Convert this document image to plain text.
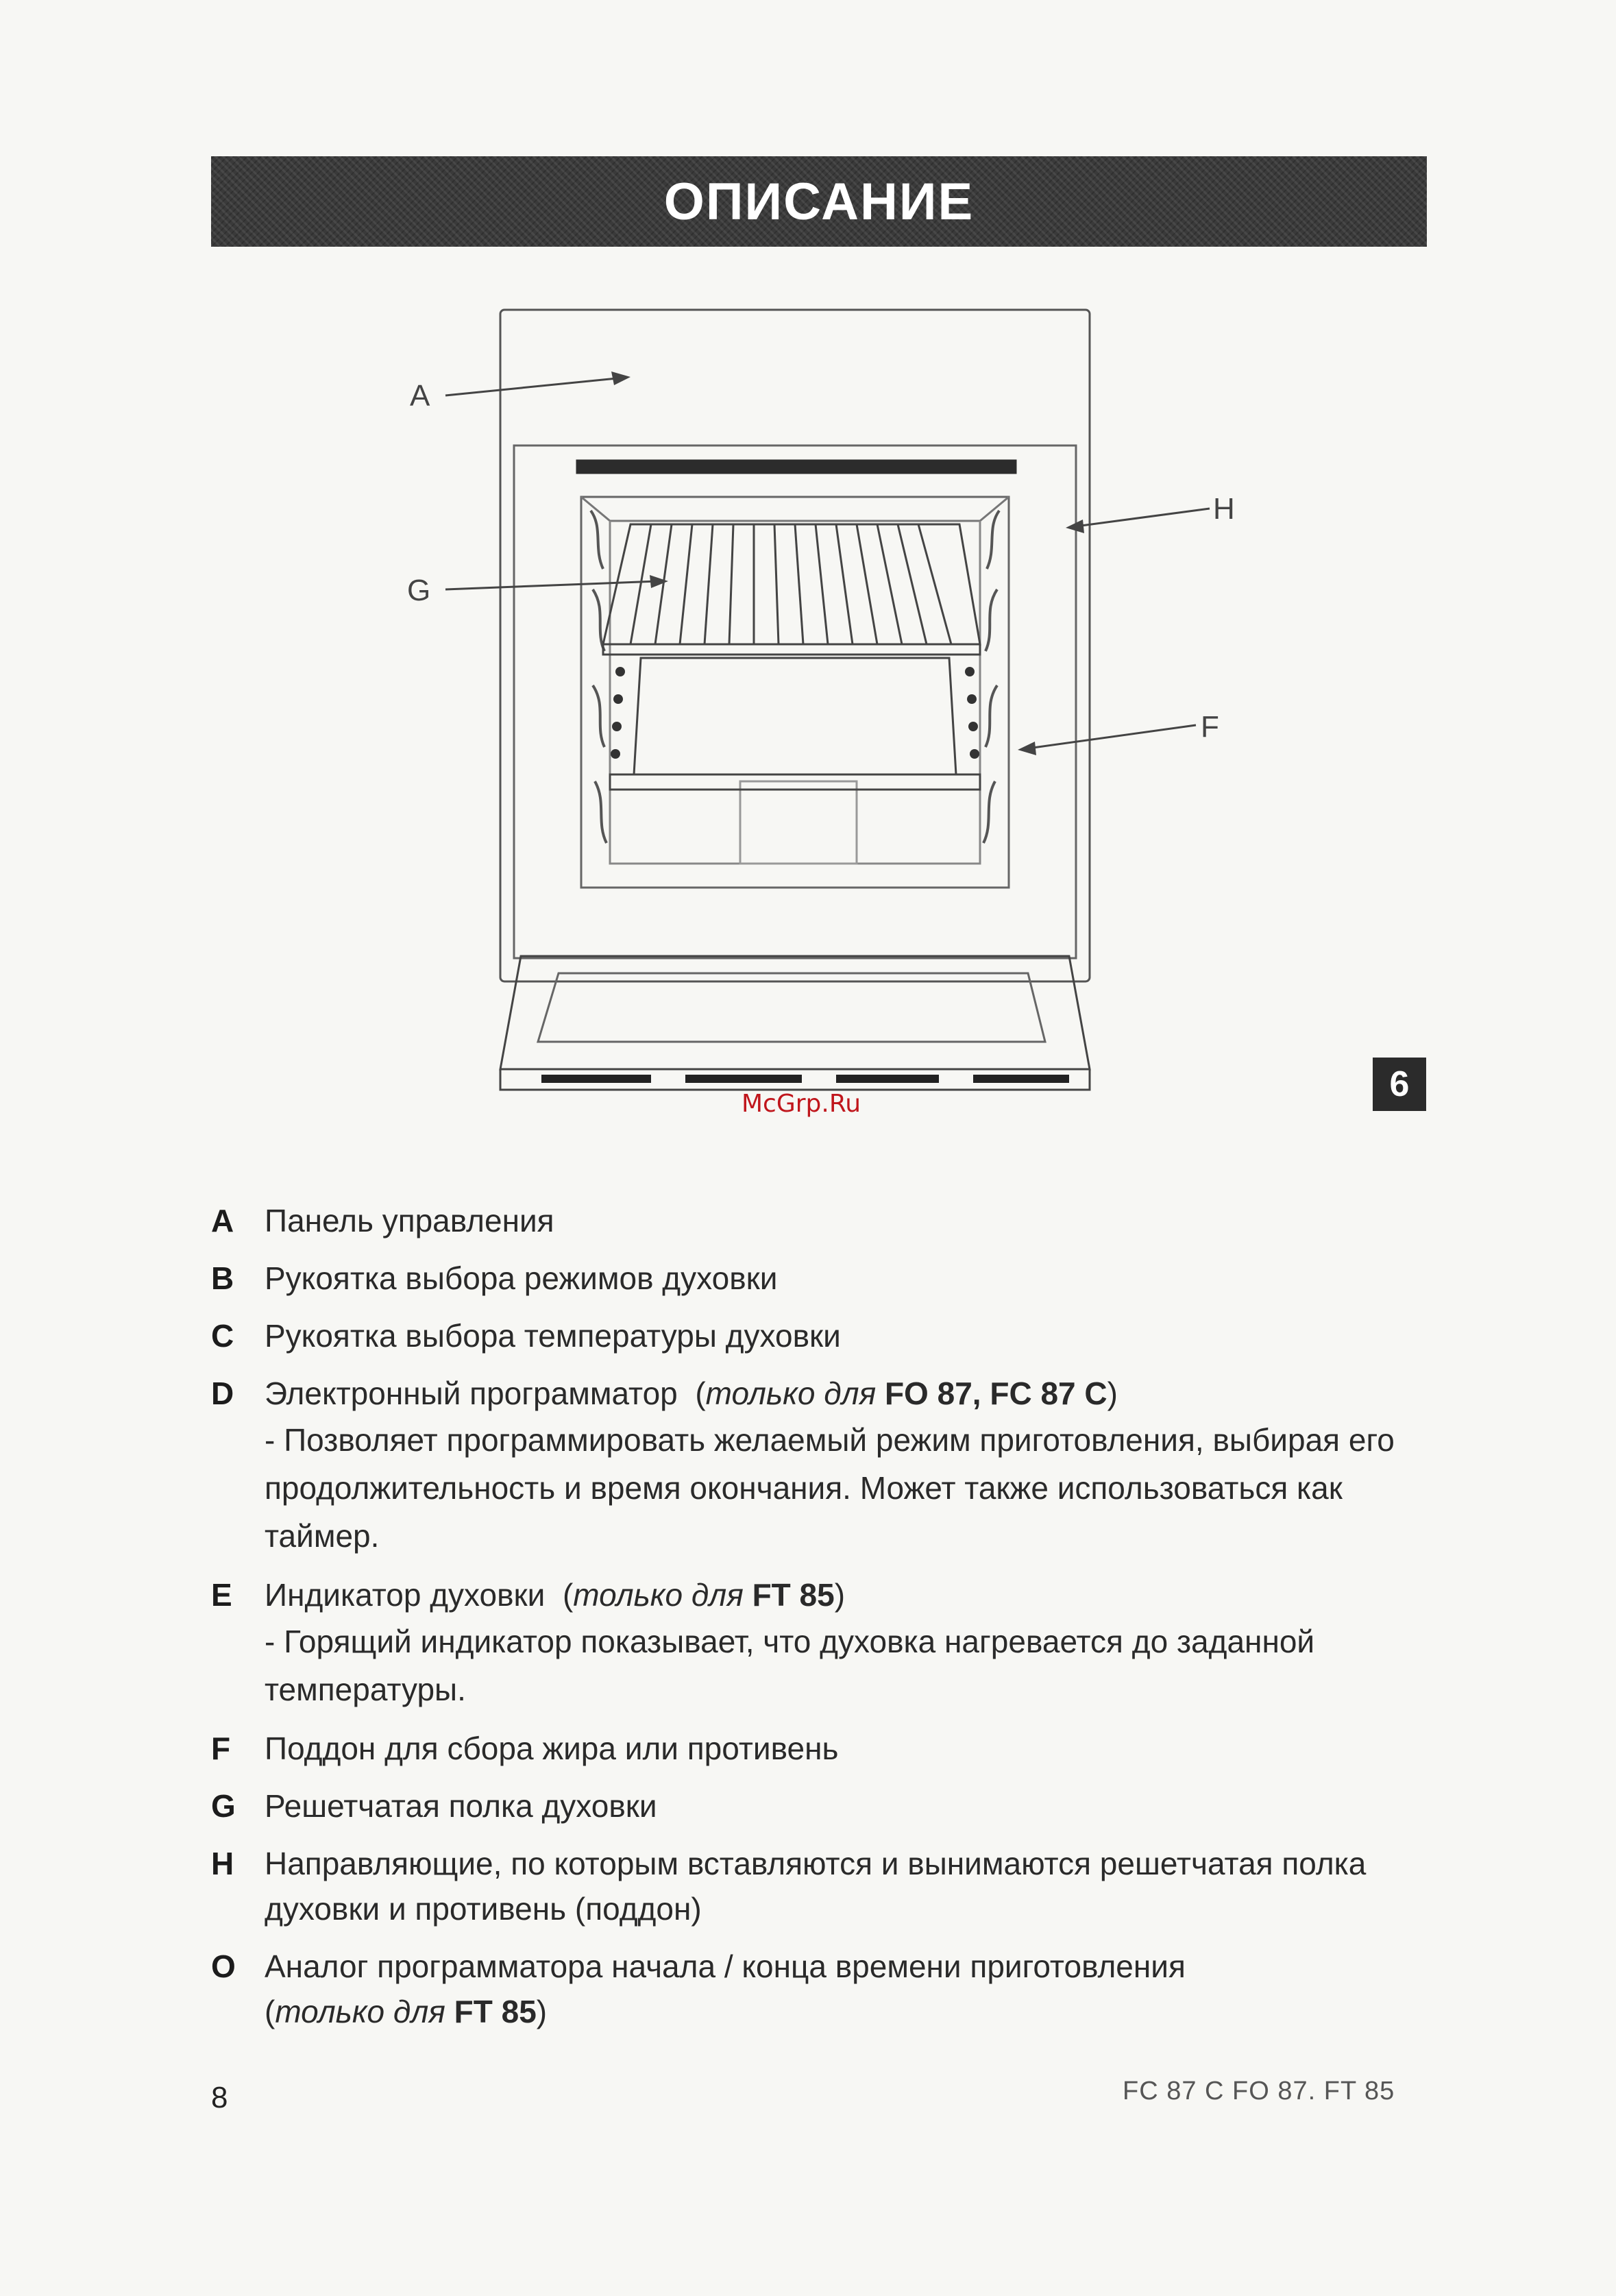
ОПИСАНИЕ
A
G
H
F
6
McGrp.Ru
A Панель управления
B Рукоятка выбора режимов духовки
C Рукоятка выбора температуры духовки
D Электронный программатор (только для FO 87, FC 87 C)
- Позволяет программировать желаемый режим приготовления, выбирая его продолжительность и время окончания. Может также использоваться как таймер.
E Индикатор духовки (только для FT 85)
- Горящий индикатор показывает, что духовка нагревается до заданной температуры.
F Поддон для сбора жира или противень
G Решетчатая полка духовки
H Направляющие, по которым вставляются и вынимаются решетчатая полка духовки и противень (поддон)
O Аналог программатора начала / конца времени приготовления
(только для FT 85)
8	FC 87 C FO 87. FT 85
